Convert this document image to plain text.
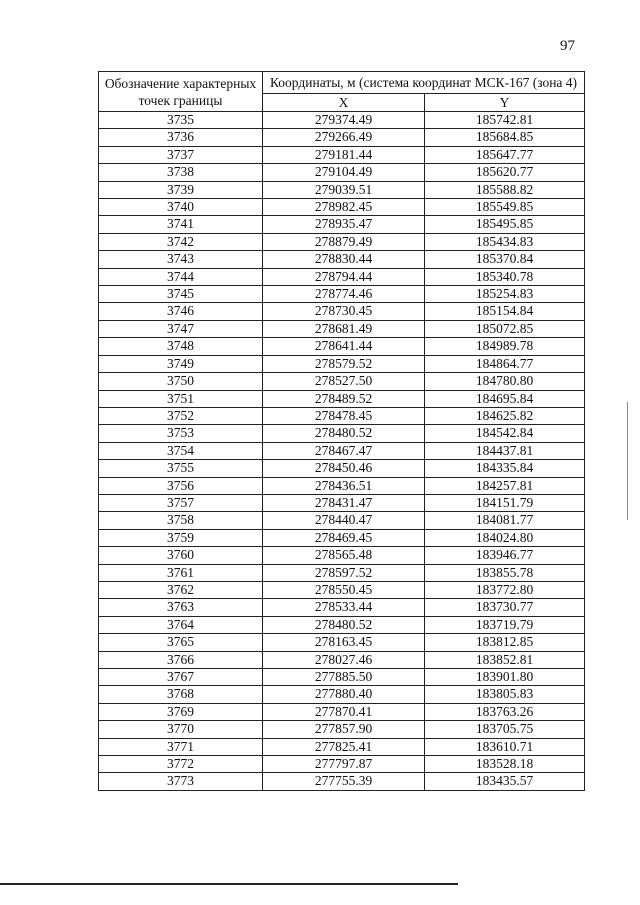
97
Обозначение характерных точек границы	Координаты, м (система координат МСК-167 (зона 4)	
	X	Y
3735	279374.49	185742.81
3736	279266.49	185684.85
3737	279181.44	185647.77
3738	279104.49	185620.77
3739	279039.51	185588.82
3740	278982.45	185549.85
3741	278935.47	185495.85
3742	278879.49	185434.83
3743	278830.44	185370.84
3744	278794.44	185340.78
3745	278774.46	185254.83
3746	278730.45	185154.84
3747	278681.49	185072.85
3748	278641.44	184989.78
3749	278579.52	184864.77
3750	278527.50	184780.80
3751	278489.52	184695.84
3752	278478.45	184625.82
3753	278480.52	184542.84
3754	278467.47	184437.81
3755	278450.46	184335.84
3756	278436.51	184257.81
3757	278431.47	184151.79
3758	278440.47	184081.77
3759	278469.45	184024.80
3760	278565.48	183946.77
3761	278597.52	183855.78
3762	278550.45	183772.80
3763	278533.44	183730.77
3764	278480.52	183719.79
3765	278163.45	183812.85
3766	278027.46	183852.81
3767	277885.50	183901.80
3768	277880.40	183805.83
3769	277870.41	183763.26
3770	277857.90	183705.75
3771	277825.41	183610.71
3772	277797.87	183528.18
3773	277755.39	183435.57
